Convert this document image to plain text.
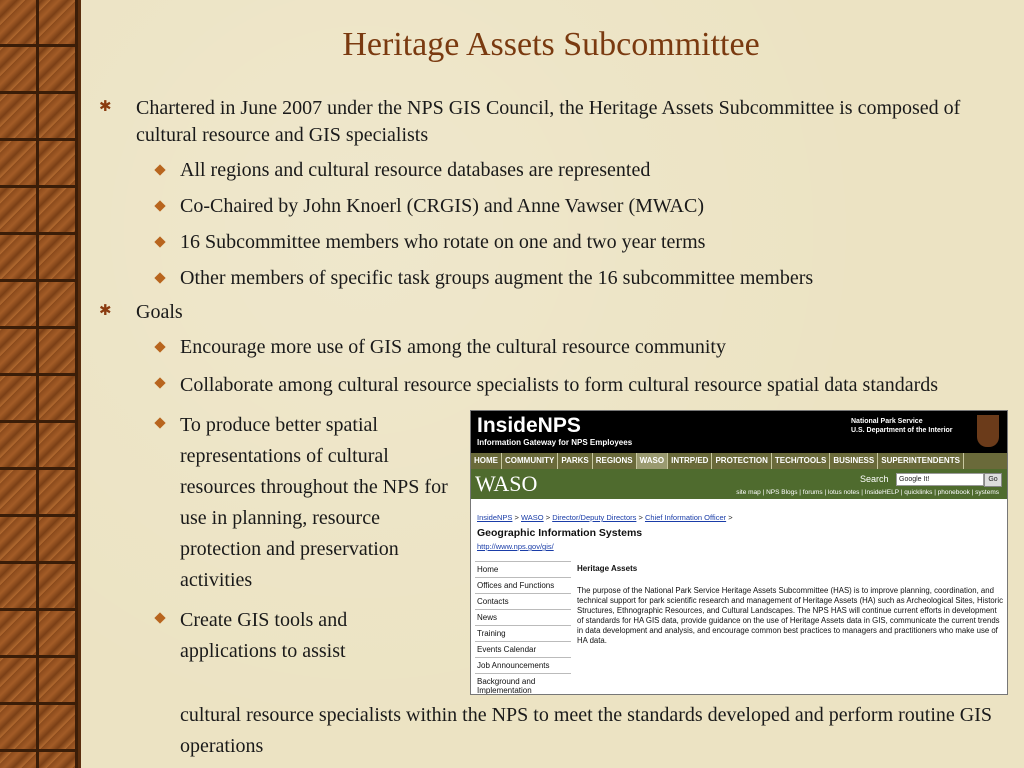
Heritage Assets Subcommittee
✱ Chartered in June 2007 under the NPS GIS Council, the Heritage Assets Subcommittee is composed of cultural resource and GIS specialists
All regions and cultural resource databases are represented
Co-Chaired by John Knoerl (CRGIS) and Anne Vawser (MWAC)
16 Subcommittee members who rotate on one and two year terms
Other members of specific task groups augment the 16 subcommittee members
✱ Goals
Encourage more use of GIS among the cultural resource community
Collaborate among cultural resource specialists to form cultural resource spatial data standards
To produce better spatial representations of cultural resources throughout the NPS for use in planning, resource protection and preservation activities
Create GIS tools and applications to assist
cultural resource specialists within the NPS to meet the standards developed and perform routine GIS operations
InsideNPS
Information Gateway for NPS Employees
National Park Service
U.S. Department of the Interior
HOME COMMUNITY PARKS REGIONS WASO INTRP/ED PROTECTION TECH/TOOLS BUSINESS SUPERINTENDENTS
WASO	Search	Google It!	Go
site map | NPS Blogs | forums | lotus notes | InsideHELP | quicklinks | phonebook | systems
InsideNPS > WASO > Director/Deputy Directors > Chief Information Officer >
Geographic Information Systems
http://www.nps.gov/gis/
Home
Offices and Functions
Contacts
News
Training
Events Calendar
Job Announcements
Background and Implementation
Heritage Assets
The purpose of the National Park Service Heritage Assets Subcommittee (HAS) is to improve planning, coordination, and technical support for park scientific research and management of Heritage Assets (HA) such as Archeological Sites, Historic Structures, Ethnographic Resources, and Cultural Landscapes. The NPS HAS will continue current efforts in development of standards for HA GIS data, provide guidance on the use of Heritage Assets data in GIS, communicate the current trends in data development and analysis, and encourage common best practices to managers and practitioners who make use of HA data.
